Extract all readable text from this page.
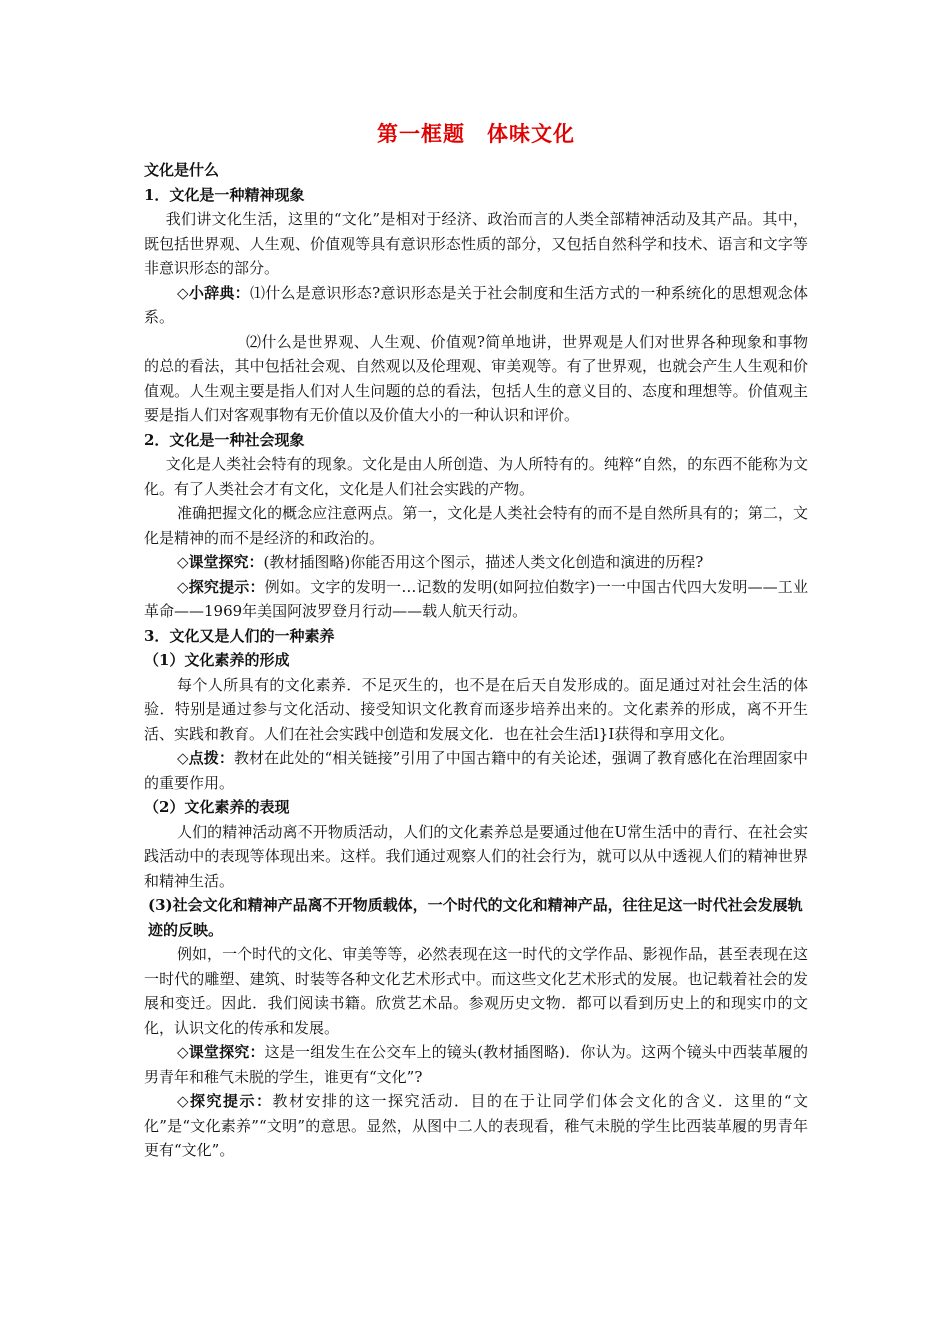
第一框题 体味文化

文化是什么

1．文化是一种精神现象

我们讲文化生活，这里的“文化”是相对于经济、政治而言的人类全部精神活动及其产品。其中，既包括世界观、人生观、价值观等具有意识形态性质的部分，又包括自然科学和技术、语言和文字等非意识形态的部分。

◇小辞典：⑴什么是意识形态?意识形态是关于社会制度和生活方式的一种系统化的思想观念体系。

⑵什么是世界观、人生观、价值观?简单地讲，世界观是人们对世界各种现象和事物的总的看法，其中包括社会观、自然观以及伦理观、审美观等。有了世界观，也就会产生人生观和价值观。人生观主要是指人们对人生问题的总的看法，包括人生的意义目的、态度和理想等。价值观主要是指人们对客观事物有无价值以及价值大小的一种认识和评价。

2．文化是一种社会现象

文化是人类社会特有的现象。文化是由人所创造、为人所特有的。纯粹“自然，的东西不能称为文化。有了人类社会才有文化，文化是人们社会实践的产物。

准确把握文化的概念应注意两点。第一，文化是人类社会特有的而不是自然所具有的；第二，文化是精神的而不是经济的和政治的。

◇课堂探究：(教材插图略)你能否用这个图示，描述人类文化创造和演进的历程?

◇探究提示：例如。文字的发明一…记数的发明(如阿拉伯数字)一一中国古代四大发明——工业革命——1969年美国阿波罗登月行动——载人航天行动。

3．文化又是人们的一种素养

（1）文化素养的形成

每个人所具有的文化素养．不足灭生的，也不是在后天自发形成的。面足通过对社会生活的体验．特别是通过参与文化活动、接受知识文化教育而逐步培养出来的。文化素养的形成，离不开生活、实践和教育。人们在社会实践中创造和发展文化．也在社会生活l}I获得和享用文化。

◇点拨：教材在此处的“相关链接”引用了中国古籍中的有关论述，强调了教育感化在治理固家中的重要作用。

（2）文化素养的表现

人们的精神活动离不开物质活动，人们的文化素养总是要通过他在U常生活中的青行、在社会实践活动中的表现等体现出来。这样。我们通过观察人们的社会行为，就可以从中透视人们的精神世界和精神生活。

(3)社会文化和精神产品离不开物质载体，一个时代的文化和精神产品，往往足这一时代社会发展轨迹的反映。

例如，一个时代的文化、审美等等，必然表现在这一时代的文学作品、影视作品，甚至表现在这一时代的雕塑、建筑、时装等各种文化艺术形式中。而这些文化艺术形式的发展。也记载着社会的发展和变迁。因此．我们阅读书籍。欣赏艺术品。参观历史文物．都可以看到历史上的和现实巾的文化，认识文化的传承和发展。

◇课堂探究：这是一组发生在公交车上的镜头(教材插图略)．你认为。这两个镜头中西装革履的男青年和稚气未脱的学生，谁更有“文化”?

◇探究提示：教材安排的这一探究活动．目的在于让同学们体会文化的含义．这里的“文化”是“文化素养”“文明”的意思。显然，从图中二人的表现看，稚气未脱的学生比西装革履的男青年更有“文化”。
